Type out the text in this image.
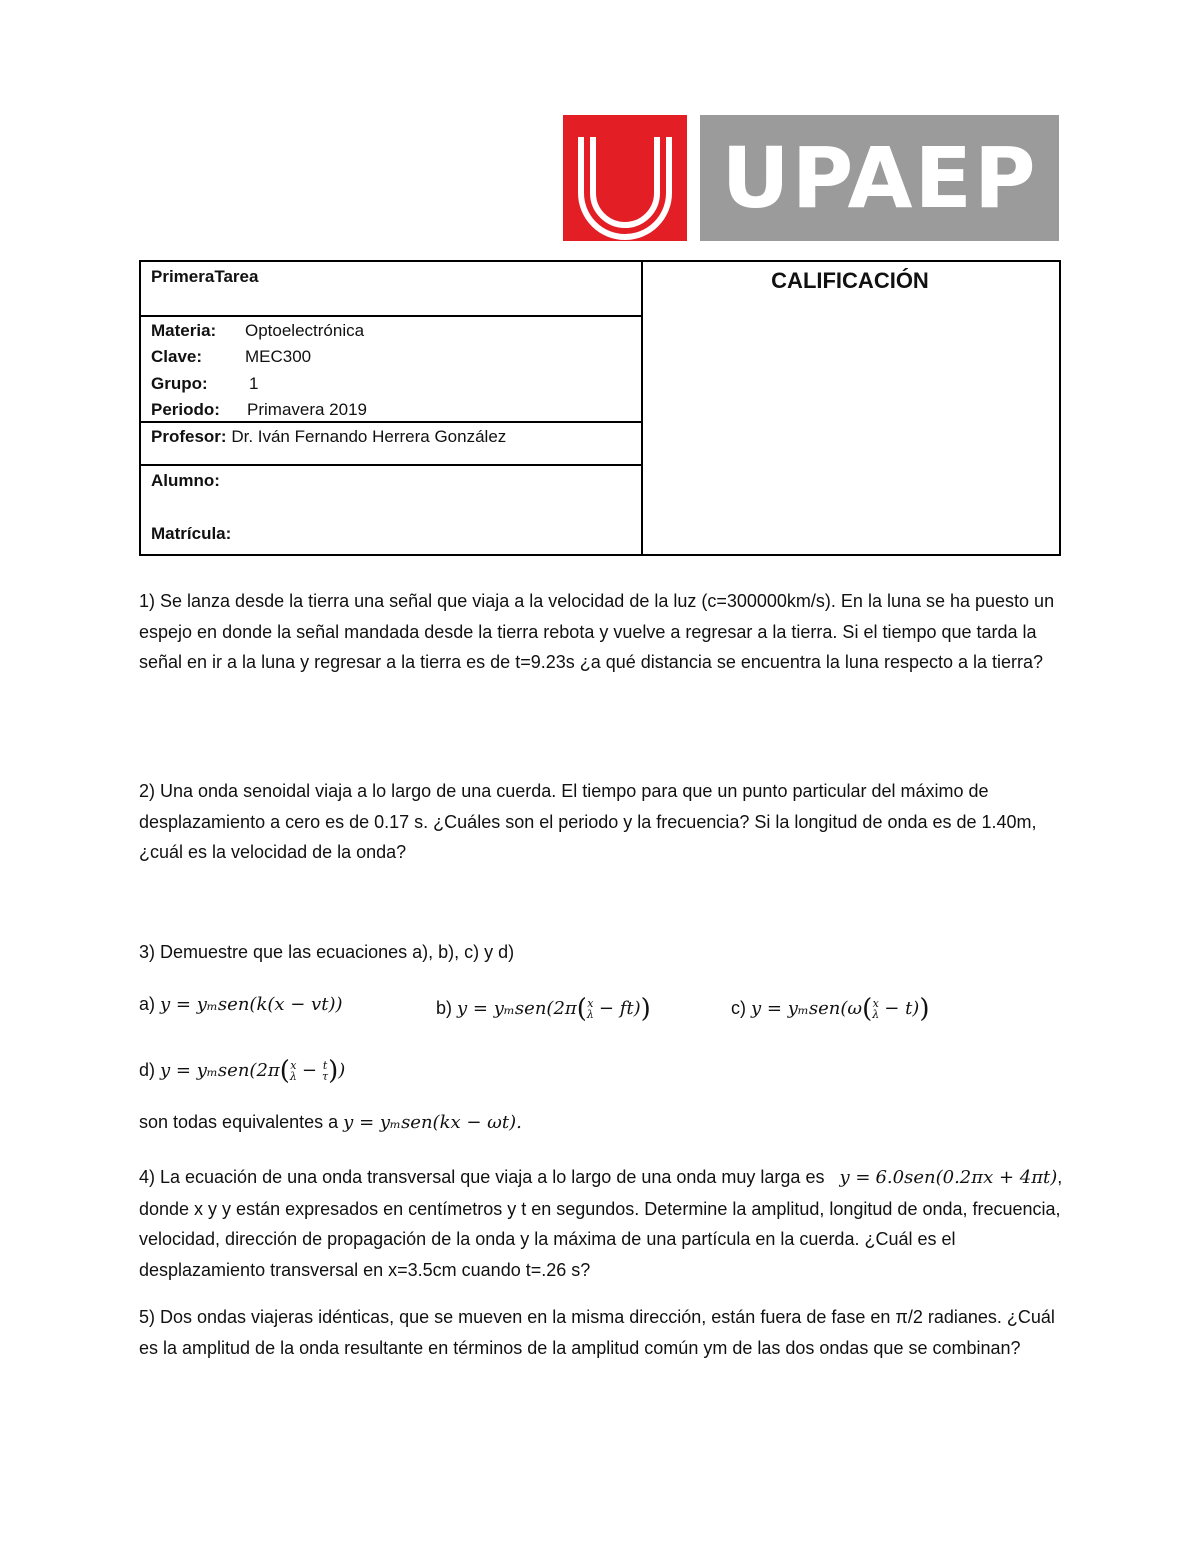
UPAEP
PrimeraTarea
Materia: Optoelectrónica
Clave:	MEC300
Grupo: 1
Periodo: Primavera 2019
Profesor: Dr. Iván Fernando Herrera González
Alumno:
Matrícula:
CALIFICACIÓN
1) Se lanza desde la tierra una señal que viaja a la velocidad de la luz (c=300000km/s). En la luna se ha puesto un espejo en donde la señal mandada desde la tierra rebota y vuelve a regresar a la tierra. Si el tiempo que tarda la señal en ir a la luna y regresar a la tierra es de t=9.23s ¿a qué distancia se encuentra la luna respecto a la tierra?
2) Una onda senoidal viaja a lo largo de una cuerda. El tiempo para que un punto particular del máximo de desplazamiento a cero es de 0.17 s. ¿Cuáles son el periodo y la frecuencia? Si la longitud de onda es de 1.40m, ¿cuál es la velocidad de la onda?
3) Demuestre que las ecuaciones a), b), c) y d)
a) y = yₘsen(k(x − vt))	b) y = yₘsen(2π( x
λ − ft))	c) y = yₘsen(ω( x
λ − t))
d) y = yₘsen(2π( x
λ − t
τ ))
son todas equivalentes a y = yₘsen(kx − ωt).
4) La ecuación de una onda transversal que viaja a lo largo de una onda muy larga es y = 6.0sen(0.2πx + 4πt), donde x y y están expresados en centímetros y t en segundos. Determine la amplitud, longitud de onda, frecuencia, velocidad, dirección de propagación de la onda y la máxima de una partícula en la cuerda. ¿Cuál es el desplazamiento transversal en x=3.5cm cuando t=.26 s?
5) Dos ondas viajeras idénticas, que se mueven en la misma dirección, están fuera de fase en π/2 radianes. ¿Cuál es la amplitud de la onda resultante en términos de la amplitud común ym de las dos ondas que se combinan?
